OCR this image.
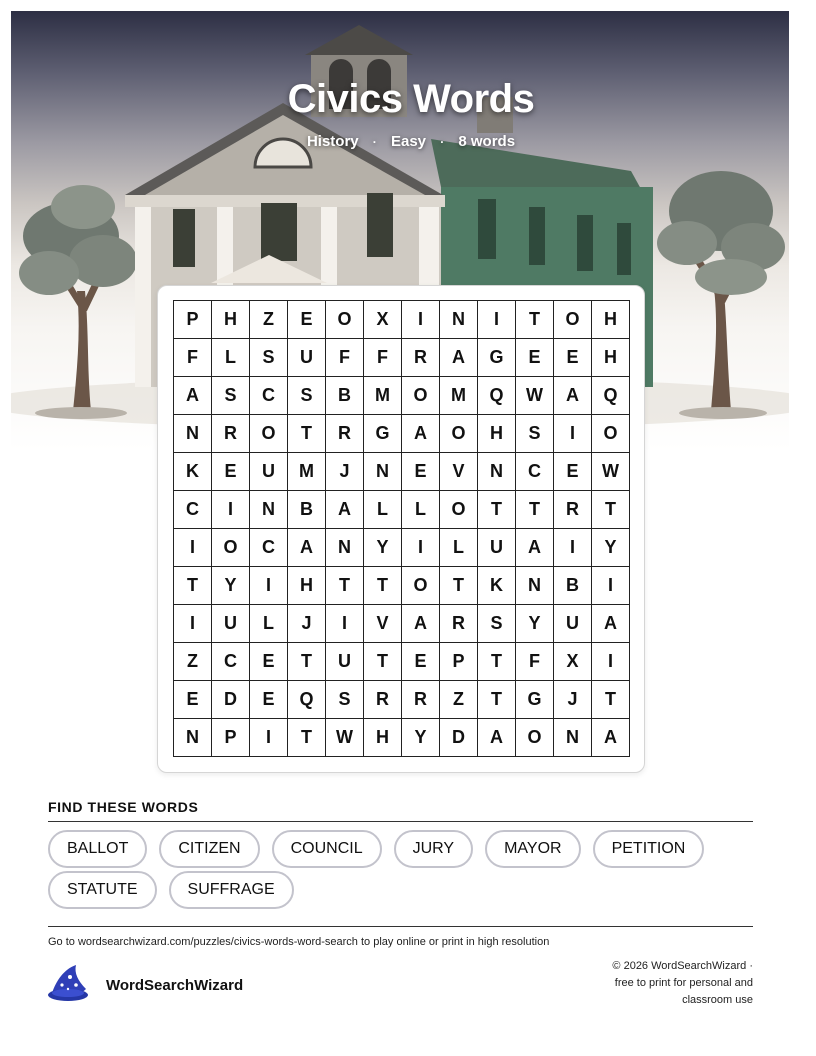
Civics Words
History · Easy · 8 words
P	H	Z	E	O	X	I	N	I	T	O	H
F	L	S	U	F	F	R	A	G	E	E	H
A	S	C	S	B	M	O	M	Q	W	A	Q
N	R	O	T	R	G	A	O	H	S	I	O
K	E	U	M	J	N	E	V	N	C	E	W
C	I	N	B	A	L	L	O	T	T	R	T
I	O	C	A	N	Y	I	L	U	A	I	Y
T	Y	I	H	T	T	O	T	K	N	B	I
I	U	L	J	I	V	A	R	S	Y	U	A
Z	C	E	T	U	T	E	P	T	F	X	I
E	D	E	Q	S	R	R	Z	T	G	J	T
N	P	I	T	W	H	Y	D	A	O	N	A
FIND THESE WORDS
BALLOT	CITIZEN	COUNCIL	JURY	MAYOR	PETITION
STATUTE	SUFFRAGE
Go to wordsearchwizard.com/puzzles/civics-words-word-search to play online or print in high resolution
WordSearchWizard
© 2026 WordSearchWizard ·
free to print for personal and
classroom use
